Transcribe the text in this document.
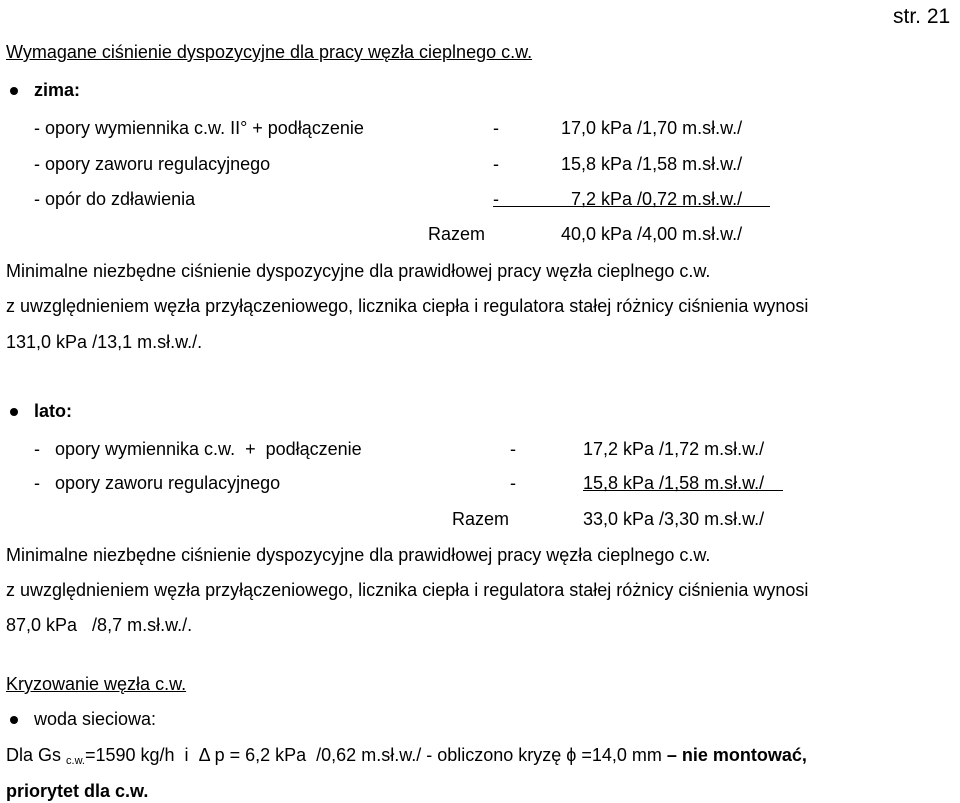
str. 21
Wymagane ciśnienie dyspozycyjne dla pracy węzła cieplnego c.w.
zima:
- opory wymiennika c.w. II° + podłączenie	-	17,0 kPa /1,70 m.sł.w./
- opory zaworu regulacyjnego	-	15,8 kPa /1,58 m.sł.w./
- opór do zdławienia	-	7,2 kPa /0,72 m.sł.w./
Razem	40,0 kPa /4,00 m.sł.w./
Minimalne niezbędne ciśnienie dyspozycyjne dla prawidłowej pracy węzła cieplnego c.w.
z uwzględnieniem węzła przyłączeniowego, licznika ciepła i regulatora stałej różnicy ciśnienia wynosi
131,0 kPa /13,1 m.sł.w./.
lato:
-   opory wymiennika c.w.  +  podłączenie	-	17,2 kPa /1,72 m.sł.w./
-   opory zaworu regulacyjnego	-	15,8 kPa /1,58 m.sł.w./
Razem	33,0 kPa /3,30 m.sł.w./
Minimalne niezbędne ciśnienie dyspozycyjne dla prawidłowej pracy węzła cieplnego c.w.
z uwzględnieniem węzła przyłączeniowego, licznika ciepła i regulatora stałej różnicy ciśnienia wynosi
87,0 kPa   /8,7 m.sł.w./.
Kryzowanie węzła c.w.
woda sieciowa:
Dla Gs $_{c.w.}$=1590 kg/h  i  Δ p = 6,2 kPa  /0,62 m.sł.w./ - obliczono kryzę ϕ =14,0 mm – nie montować,
priorytet dla c.w.
